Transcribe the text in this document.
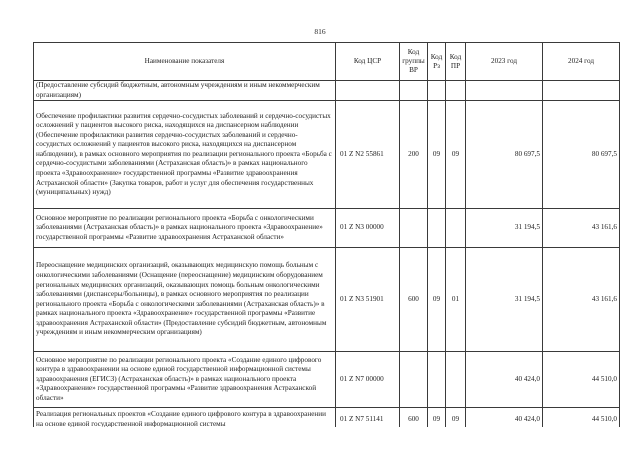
816
Наименование показателя	Код ЦСР	Код группы ВР	Код Рз	Код ПР	2023 год	2024 год
(Предоставление субсидий бюджетным, автономным учреждениям и иным некоммерческим организациям)						
Обеспечение профилактики развития сердечно-сосудистых заболеваний и сердечно-сосудистых осложнений у пациентов высокого риска, находящихся на диспансерном наблюдении (Обеспечение профилактики развития сердечно-сосудистых заболеваний и сердечно-сосудистых осложнений у пациентов высокого риска, находящихся на диспансерном наблюдении), в рамках основного мероприятия по реализации регионального проекта «Борьба с сердечно-сосудистыми заболеваниями (Астраханская область)» в рамках национального проекта «Здравоохранение» государственной программы «Развитие здравоохранения Астраханской области» (Закупка товаров, работ и услуг для обеспечения государственных (муниципальных) нужд)	01 Z N2 55861	200	09	09	80 697,5	80 697,5
Основное мероприятие по реализации регионального проекта «Борьба с онкологическими заболеваниями (Астраханская область)» в рамках национального проекта «Здравоохранение» государственной программы «Развитие здравоохранения Астраханской области»	01 Z N3 00000				31 194,5	43 161,6
Переоснащение медицинских организаций, оказывающих медицинскую помощь больным с онкологическими заболеваниями (Оснащение (переоснащение) медицинским оборудованием региональных медицинских организаций, оказывающих помощь больным онкологическими заболеваниями (диспансеры/больницы), в рамках основного мероприятия по реализации регионального проекта «Борьба с онкологическими заболеваниями (Астраханская область)» в рамках национального проекта «Здравоохранение» государственной программы «Развитие здравоохранения Астраханской области» (Предоставление субсидий бюджетным, автономным учреждениям и иным некоммерческим организациям)	01 Z N3 51901	600	09	01	31 194,5	43 161,6
Основное мероприятие по реализации регионального проекта «Создание единого цифрового контура в здравоохранении на основе единой государственной информационной системы здравоохранения (ЕГИСЗ) (Астраханская область)» в рамках национального проекта «Здравоохранение» государственной программы «Развитие здравоохранения Астраханской области»	01 Z N7 00000				40 424,0	44 510,0
Реализация региональных проектов «Создание единого цифрового контура в здравоохранении на основе единой государственной информационной системы	01 Z N7 51141	600	09	09	40 424,0	44 510,0
